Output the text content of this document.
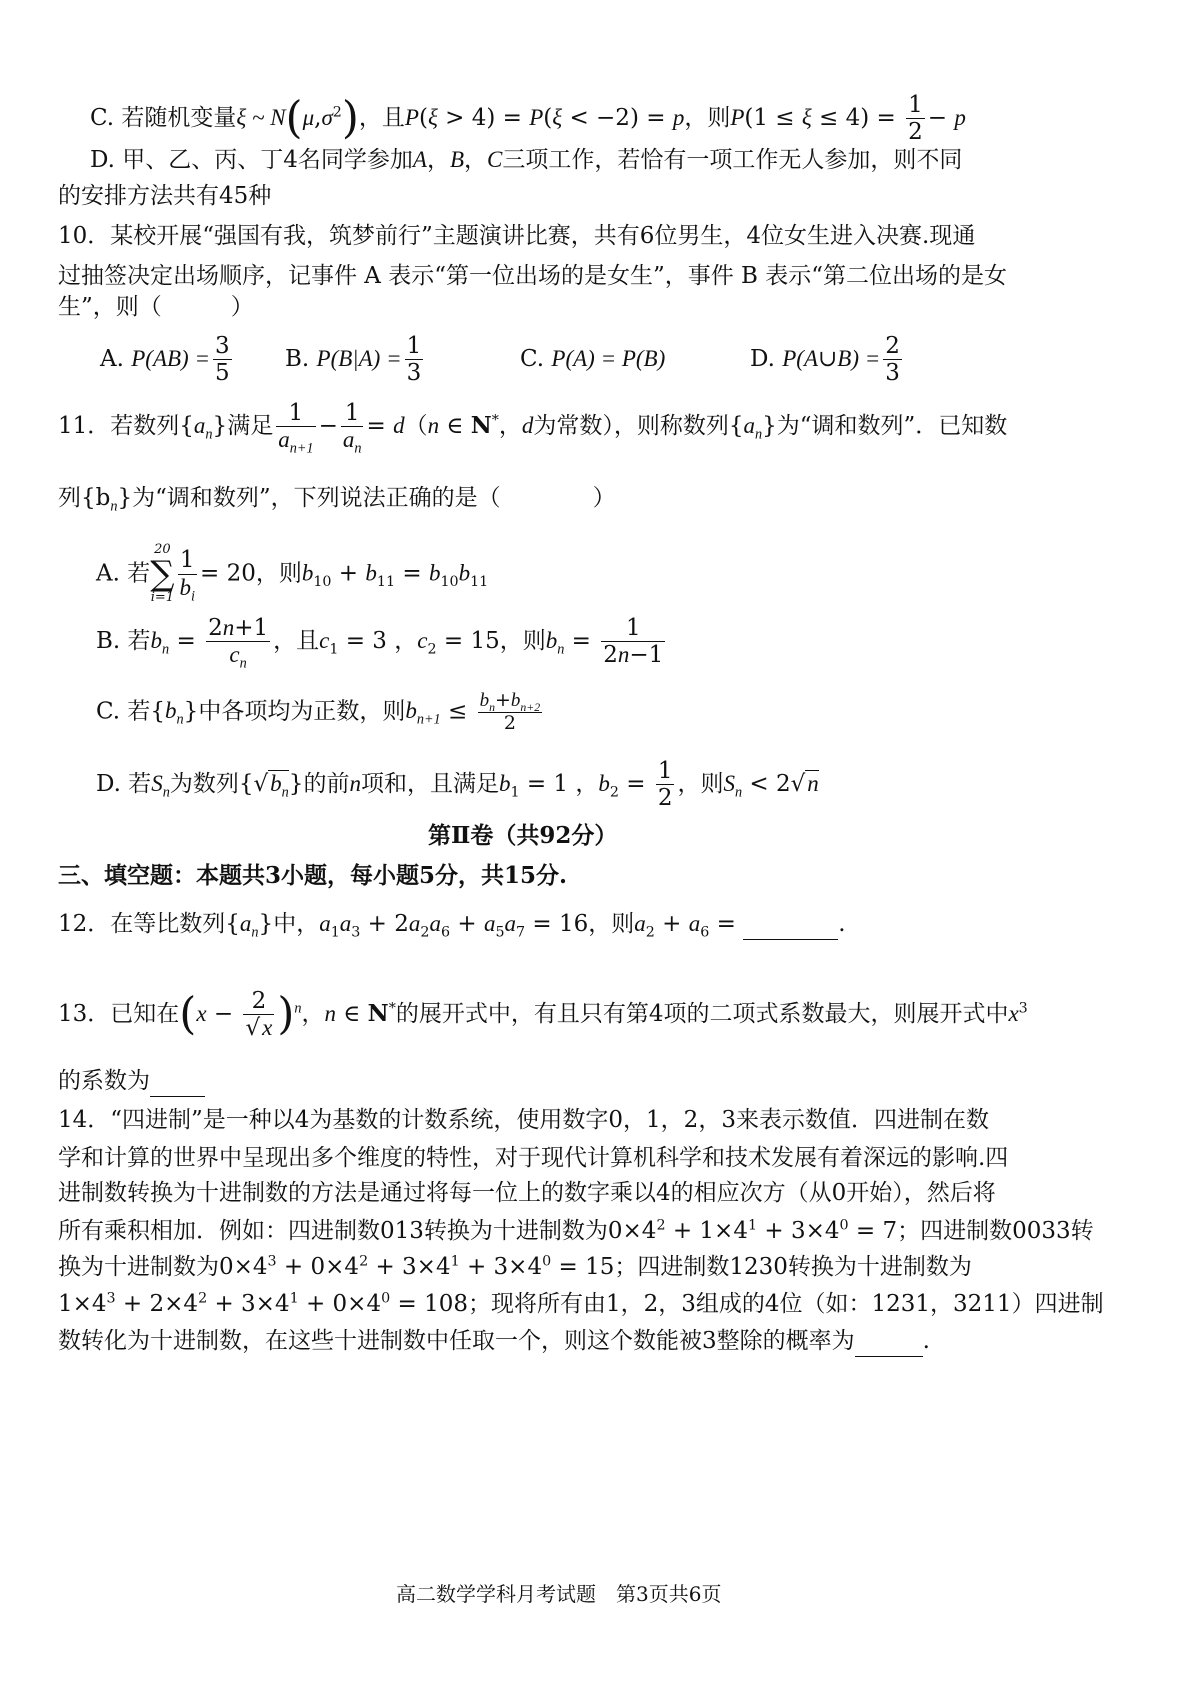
C. 若随机变量ξ ~ $N(\mu,\sigma^2)$，且P(ξ > 4) = P(ξ < −2) = p，则$P(1 \le \xi \le 4) = \frac{1}{2} - p$
D. 甲、乙、丙、丁4名同学参加A，B，C三项工作，若恰有一项工作无人参加，则不同
的安排方法共有45种
10．某校开展“强国有我，筑梦前行”主题演讲比赛，共有6位男生，4位女生进入决赛.现通
过抽签决定出场顺序，记事件 A 表示“第一位出场的是女生”，事件 B 表示“第二位出场的是女
生”，则（　　　）
A. $P(AB) = \frac{3}{5} B$. $P(B|A) = \frac{1}{3}$	C. P(A) = P(B)	D. P(A∪B) = $\frac{2}{3}$
11．若数列$\{a_n\}$满足 $\frac{1}{a_{n+1}} - \frac{1}{a_n} = d(n$ ∈ N*，d为常数），则称数列$\{a_n\}$为“调和数列”．已知数
列$\{b_n\}$为“调和数列”，下列说法正确的是（　　　　）
A. 若
20
∑
$i=1 \frac{1}{b_i} = 20$，则$b_{10} + b_{11} = b_{10}b_{11}$
B. 若$b_n = \frac{2n+1}{c_n}$ ，且$c_1 = 3$ ，$c_2 = 15$，则$b_n = \frac{1}{2n-1}$
C. 若$\{b_n\}$中各项均为正数，则$b_{n+1} \le \frac{b_n+b_{n+2}}{2}$
D. 若$S_n$为数列$\{√b_n\}$的前n项和，且满足$b_1 = 1$ ，$b_2 = \frac{1}{2}$ ，则$S_n < 2√n$
第Ⅱ卷（共92分）
三、填空题：本题共3小题，每小题5分，共15分.
12．在等比数列$\{a_n\}$中，$a_1a_3 + 2a_2a_6 + a_5a_7 = 16$，则$a_2 + a_6$ =	.
13．已知在$(x - \frac{2}{√x} )^n$，n ∈ N*的展开式中，有且只有第4项的二项式系数最大，则展开式中$x^3$
的系数为
14．“四进制”是一种以4为基数的计数系统，使用数字0，1，2，3来表示数值．四进制在数
学和计算的世界中呈现出多个维度的特性，对于现代计算机科学和技术发展有着深远的影响.四
进制数转换为十进制数的方法是通过将每一位上的数字乘以4的相应次方（从0开始），然后将
所有乘积相加．例如：四进制数013转换为十进制数为$0\times 4^2 + 1\times 4^1 + 3\times 4^0 = 7$；四进制数0033转
换为十进制数为$0\times 4^3 + 0\times 4^2 + 3\times 4^1 + 3\times 4^0 = 15$；四进制数1230转换为十进制数为
$1\times 4^3 + 2\times 4^2 + 3\times 4^1 + 0\times 4^0 = 108$；现将所有由1，2，3组成的4位（如：1231，3211）四进制
数转化为十进制数，在这些十进制数中任取一个，则这个数能被3整除的概率为	.
高二数学学科月考试题　第3页共6页
